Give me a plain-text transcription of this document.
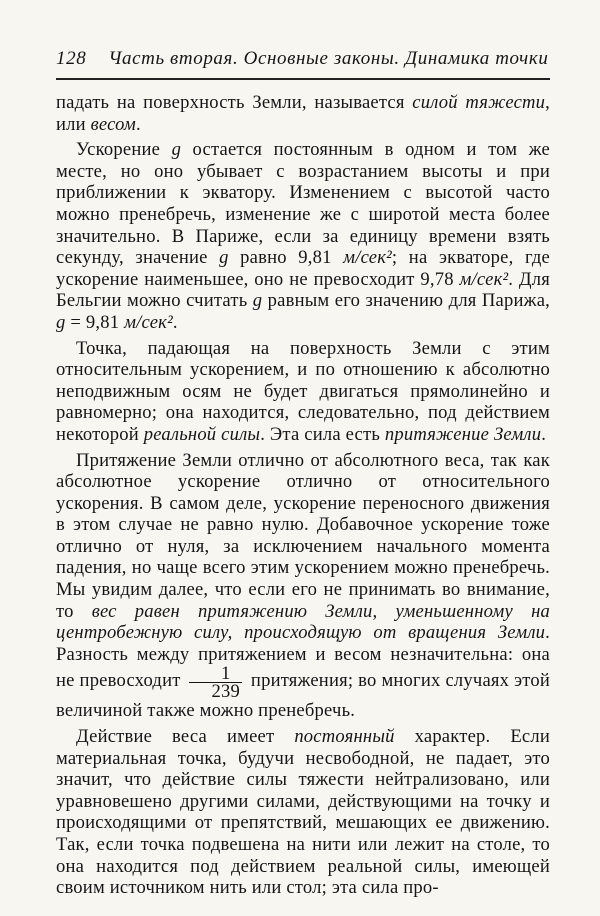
128 Часть вторая. Основные законы. Динамика точки

падать на поверхность Земли, называется силой тяжести, или весом.

Ускорение g остается постоянным в одном и том же месте, но оно убывает с возрастанием высоты и при приближении к экватору. Изменением с высотой часто можно пренебречь, изменение же с широтой места более значительно. В Париже, если за единицу времени взять секунду, значение g равно 9,81 м/сек²; на экваторе, где ускорение наименьшее, оно не превосходит 9,78 м/сек². Для Бельгии можно считать g равным его значению для Парижа, g = 9,81 м/сек².

Точка, падающая на поверхность Земли с этим относительным ускорением, и по отношению к абсолютно неподвижным осям не будет двигаться прямолинейно и равномерно; она находится, следовательно, под действием некоторой реальной силы. Эта сила есть притяжение Земли.

Притяжение Земли отлично от абсолютного веса, так как абсолютное ускорение отлично от относительного ускорения. В самом деле, ускорение переносного движения в этом случае не равно нулю. Добавочное ускорение тоже отлично от нуля, за исключением начального момента падения, но чаще всего этим ускорением можно пренебречь. Мы увидим далее, что если его не принимать во внимание, то вес равен притяжению Земли, уменьшенному на центробежную силу, происходящую от вращения Земли. Разность между притяжением и весом незначительна: она не превосходит $\frac{1}{239}$ притяжения; во многих случаях этой величиной также можно пренебречь.

Действие веса имеет постоянный характер. Если материальная точка, будучи несвободной, не падает, это значит, что действие силы тяжести нейтрализовано, или уравновешено другими силами, действующими на точку и происходящими от препятствий, мешающих ее движению. Так, если точка подвешена на нити или лежит на столе, то она находится под действием реальной силы, имеющей своим источником нить или стол; эта сила про-
